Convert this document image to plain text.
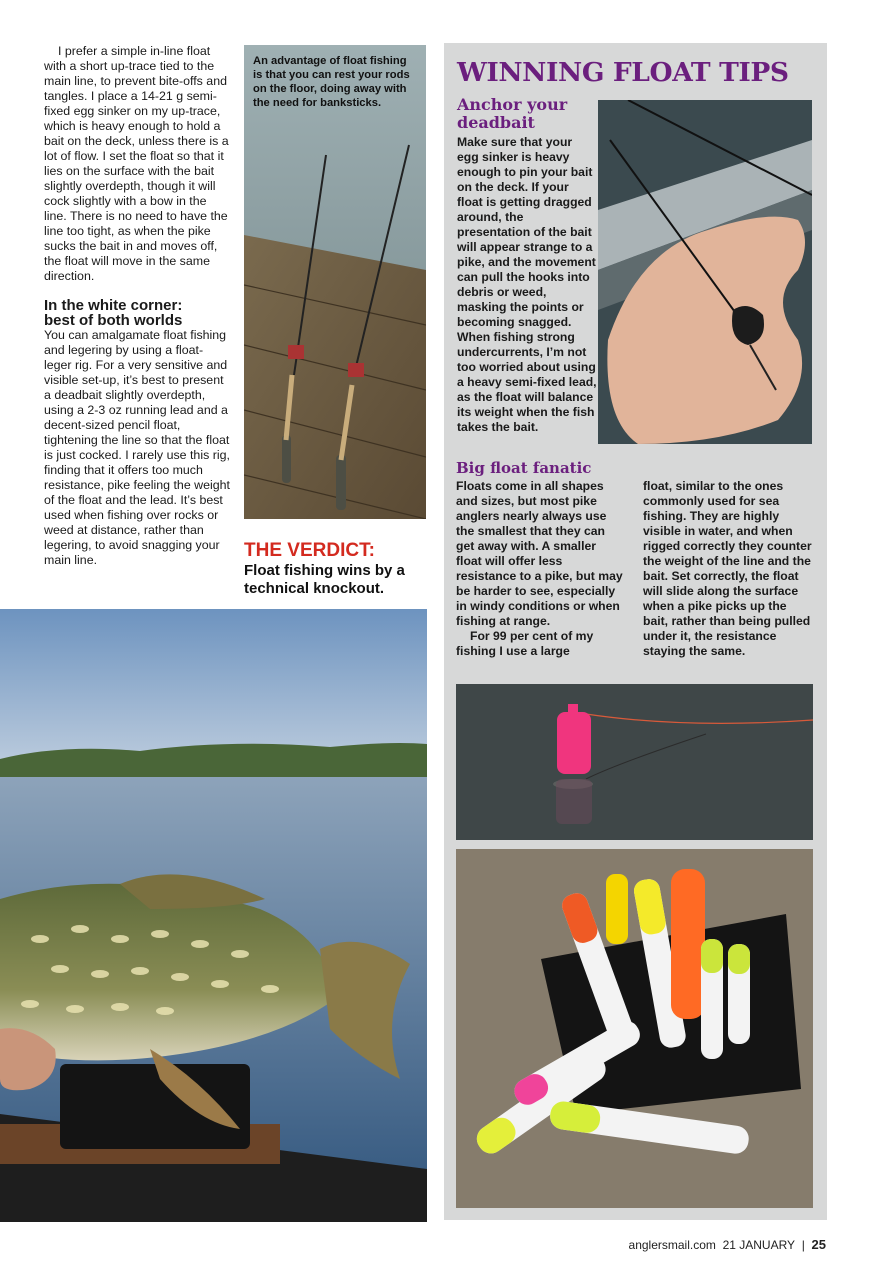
I prefer a simple in-line float with a short up-trace tied to the main line, to prevent bite-offs and tangles. I place a 14-21 g semi-fixed egg sinker on my up-trace, which is heavy enough to hold a bait on the deck, unless there is a lot of flow. I set the float so that it lies on the surface with the bait slightly overdepth, though it will cock slightly with a bow in the line. There is no need to have the line too tight, as when the pike sucks the bait in and moves off, the float will move in the same direction.

In the white corner:
best of both worlds

You can amalgamate float fishing and legering by using a float-leger rig. For a very sensitive and visible set-up, it’s best to present a deadbait slightly overdepth, using a 2-3 oz running lead and a decent-sized pencil float, tightening the line so that the float is just cocked. I rarely use this rig, finding that it offers too much resistance, pike feeling the weight of the float and the lead. It’s best used when fishing over rocks or weed at distance, rather than legering, to avoid snagging your main line.

An advantage of float fishing is that you can rest your rods on the floor, doing away with the need for banksticks.
THE VERDICT:
Float fishing wins by a technical knockout.
WINNING FLOAT TIPS
Anchor your deadbait
Make sure that your egg sinker is heavy enough to pin your bait on the deck. If your float is getting dragged around, the presentation of the bait will appear strange to a pike, and the movement can pull the hooks into debris or weed, masking the points or becoming snagged. When fishing strong undercurrents, I’m not too worried about using a heavy semi-fixed lead, as the float will balance its weight when the fish takes the bait.
Big float fanatic

Floats come in all shapes and sizes, but most pike anglers nearly always use the smallest that they can get away with. A smaller float will offer less resistance to a pike, but may be harder to see, especially in windy conditions or when fishing at range.

For 99 per cent of my fishing I use a large

float, similar to the ones commonly used for sea fishing. They are highly visible in water, and when rigged correctly they counter the weight of the line and the bait. Set correctly, the float will slide along the surface when a pike picks up the bait, rather than being pulled under it, the resistance staying the same.

anglersmail.com 21 JANUARY | 25
